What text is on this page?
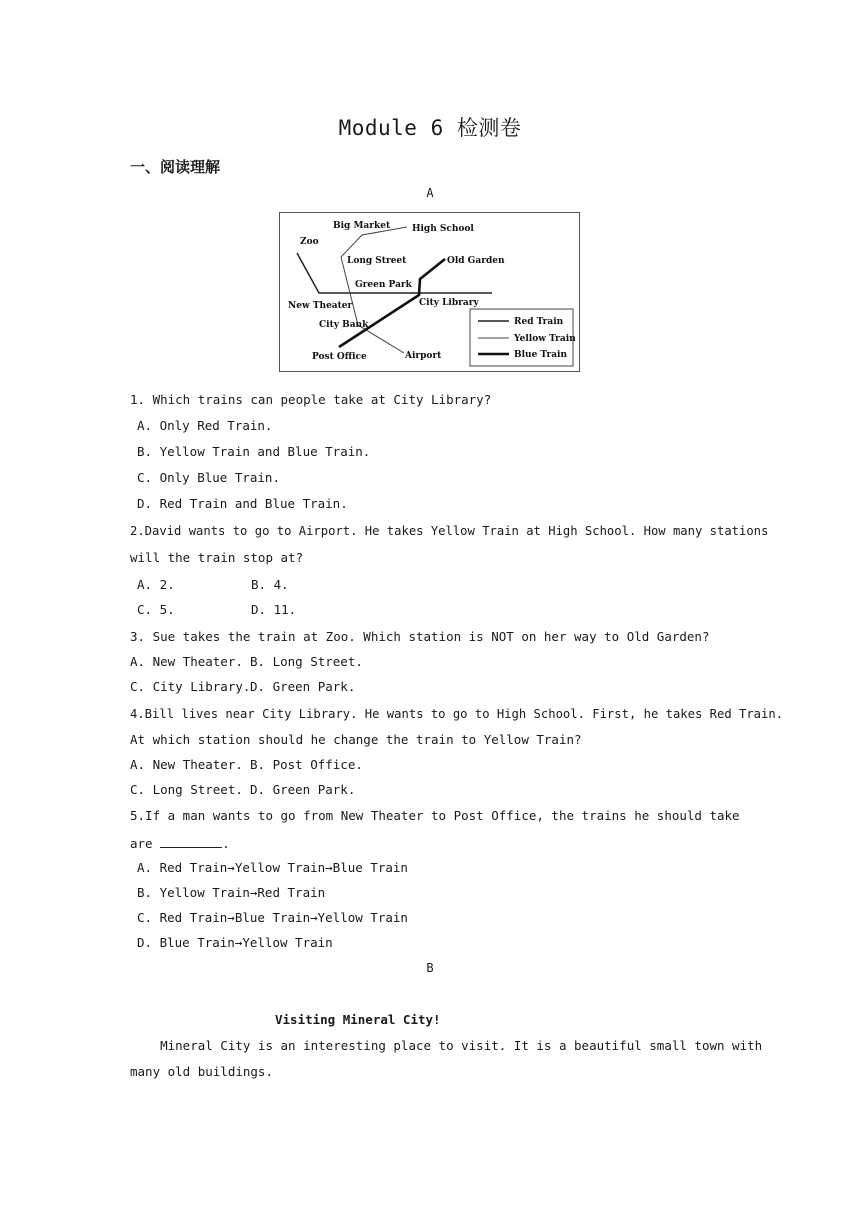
Module 6 检测卷
一、阅读理解
A
Zoo
Big Market High School
Long Street	Old Garden
Green Park
New Theater	City Library
City Bank
Post Office	Airport
Red Train
Yellow Train
Blue Train
1. Which trains can people take at City Library?
A. Only Red Train.
B. Yellow Train and Blue Train.
C. Only Blue Train.
D. Red Train and Blue Train.
2.David wants to go to Airport. He takes Yellow Train at High School. How many stations
will the train stop at?
A. 2.	B. 4.
C. 5.	D. 11.
3. Sue takes the train at Zoo. Which station is NOT on her way to Old Garden?
A. New Theater. B. Long Street.
C. City Library. D. Green Park.
4.Bill lives near City Library. He wants to go to High School. First, he takes Red Train.
At which station should he change the train to Yellow Train?
A. New Theater. B. Post Office.
C. Long Street. D. Green Park.
5.If a man wants to go from New Theater to Post Office, the trains he should take
are	.
A. Red Train→Yellow Train→Blue Train
B. Yellow Train→Red Train
C. Red Train→Blue Train→Yellow Train
D. Blue Train→Yellow Train
B
Visiting Mineral City!
Mineral City is an interesting place to visit. It is a beautiful small town with
many old buildings.
